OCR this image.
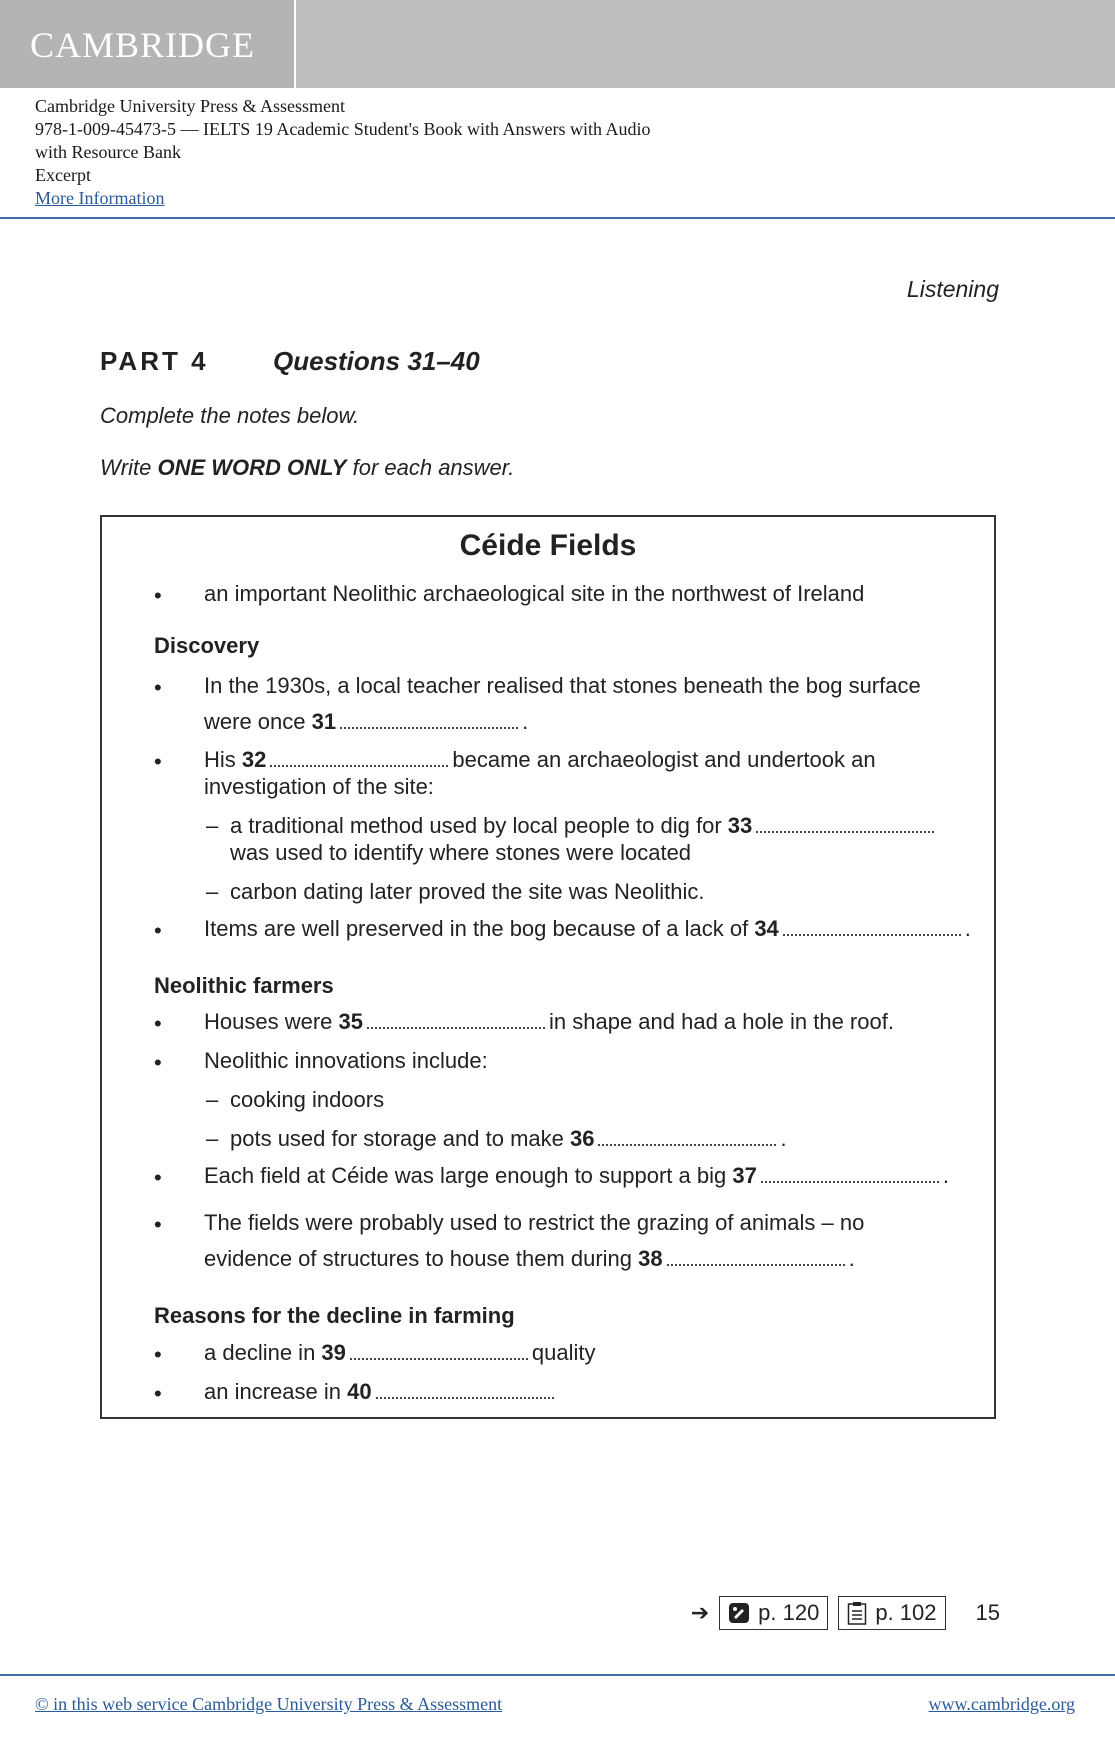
CAMBRIDGE
Cambridge University Press & Assessment
978-1-009-45473-5 — IELTS 19 Academic Student's Book with Answers with Audio
with Resource Bank
Excerpt
More Information
Listening
PART 4 Questions 31–40
Complete the notes below.
Write ONE WORD ONLY for each answer.
Céide Fields
• an important Neolithic archaeological site in the northwest of Ireland
Discovery
• In the 1930s, a local teacher realised that stones beneath the bog surface
were once 31	.
• His 32	became an archaeologist and undertook an
investigation of the site:
– a traditional method used by local people to dig for 33
was used to identify where stones were located
– carbon dating later proved the site was Neolithic.
• Items are well preserved in the bog because of a lack of 34	.
Neolithic farmers
• Houses were 35	in shape and had a hole in the roof.
• Neolithic innovations include:
– cooking indoors
– pots used for storage and to make 36	.
• Each field at Céide was large enough to support a big 37	.
• The fields were probably used to restrict the grazing of animals – no
evidence of structures to house them during 38	.
Reasons for the decline in farming
• a decline in 39	quality
• an increase in 40
➔ p. 120	p. 102 15
© in this web service Cambridge University Press & Assessment	www.cambridge.org
